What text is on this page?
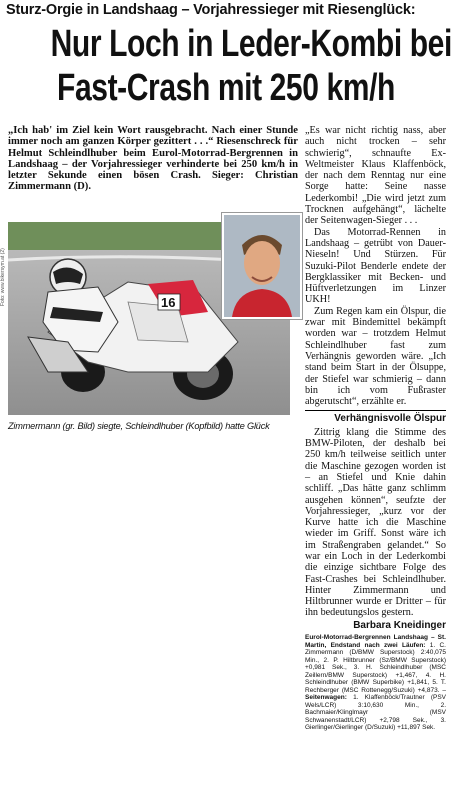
Sturz-Orgie in Landshaag – Vorjahressieger mit Riesenglück:
Nur Loch in Leder-Kombi bei
Fast-Crash mit 250 km/h
„Ich hab' im Ziel kein Wort rausgebracht. Nach einer Stunde immer noch am ganzen Körper gezittert . . .“ Riesenschreck für Helmut Schleindlhuber beim Eurol-Motorrad-Bergrennen in Landshaag – der Vorjahressieger verhinderte bei 250 km/h in letzter Sekunde einen bösen Crash. Sieger: Christian Zimmermann (D).
Foto: www.bikersym.at (2)	16
Zimmermann (gr. Bild) siegte, Schleindlhuber (Kopfbild) hatte Glück

„Es war nicht richtig nass, aber auch nicht trocken – sehr schwierig“, schnaufte Ex-Weltmeister Klaus Klaffenböck, der nach dem Renntag nur eine Sorge hatte: Seine nasse Lederkombi! „Die wird jetzt zum Trocknen aufgehängt“, lächelte der Seitenwagen-Sieger . . .

Das Motorrad-Rennen in Landshaag – getrübt von Dauer-Nieseln! Und Stürzen. Für Suzuki-Pilot Benderle endete der Bergklassiker mit Becken- und Hüftverletzungen im Linzer UKH!

Zum Regen kam ein Ölspur, die zwar mit Bindemittel bekämpft worden war – trotzdem Helmut Schleindlhuber fast zum Verhängnis geworden wäre. „Ich stand beim Start in der Ölsuppe, der Stiefel war schmierig – dann bin ich vom Fußraster abgerutscht“, erzählte er.

Verhängnisvolle Ölspur

Zittrig klang die Stimme des BMW-Piloten, der deshalb bei 250 km/h teilweise seitlich unter die Maschine gezogen worden ist – an Stiefel und Knie dahin schliff. „Das hätte ganz schlimm ausgehen können“, seufzte der Vorjahressieger, „kurz vor der Kurve hatte ich die Maschine wieder im Griff. Sonst wäre ich im Straßengraben gelandet.“ So war ein Loch in der Lederkombi die einzige sichtbare Folge des Fast-Crashes bei Schleindlhuber. Hinter Zimmermann und Hiltbrunner wurde er Dritter – für ihn bedeutungslos gestern.

Barbara Kneidinger
Eurol-Motorrad-Bergrennen Landshaag – St. Martin, Endstand nach zwei Läufen: 1. C. Zimmermann (D/BMW Superstock) 2:40,075 Min., 2. P. Hiltbrunner (Sz/BMW Superstock) +0,981 Sek., 3. H. Schleindlhuber (MSC Zeillern/BMW Superstock) +1,467, 4. H. Schleindlhuber (BMW Superbike) +1,841, 5. T. Rechberger (MSC Rottenegg/Suzuki) +4,873. – Seitenwagen: 1. Klaffenböck/Trautner (PSV Wels/LCR) 3:10,630 Min., 2. Bachmaier/Klinglmayr (MSV Schwanenstadt/LCR) +2,798 Sek., 3. Gierlinger/Gierlinger (D/Suzuki) +11,897 Sek.
